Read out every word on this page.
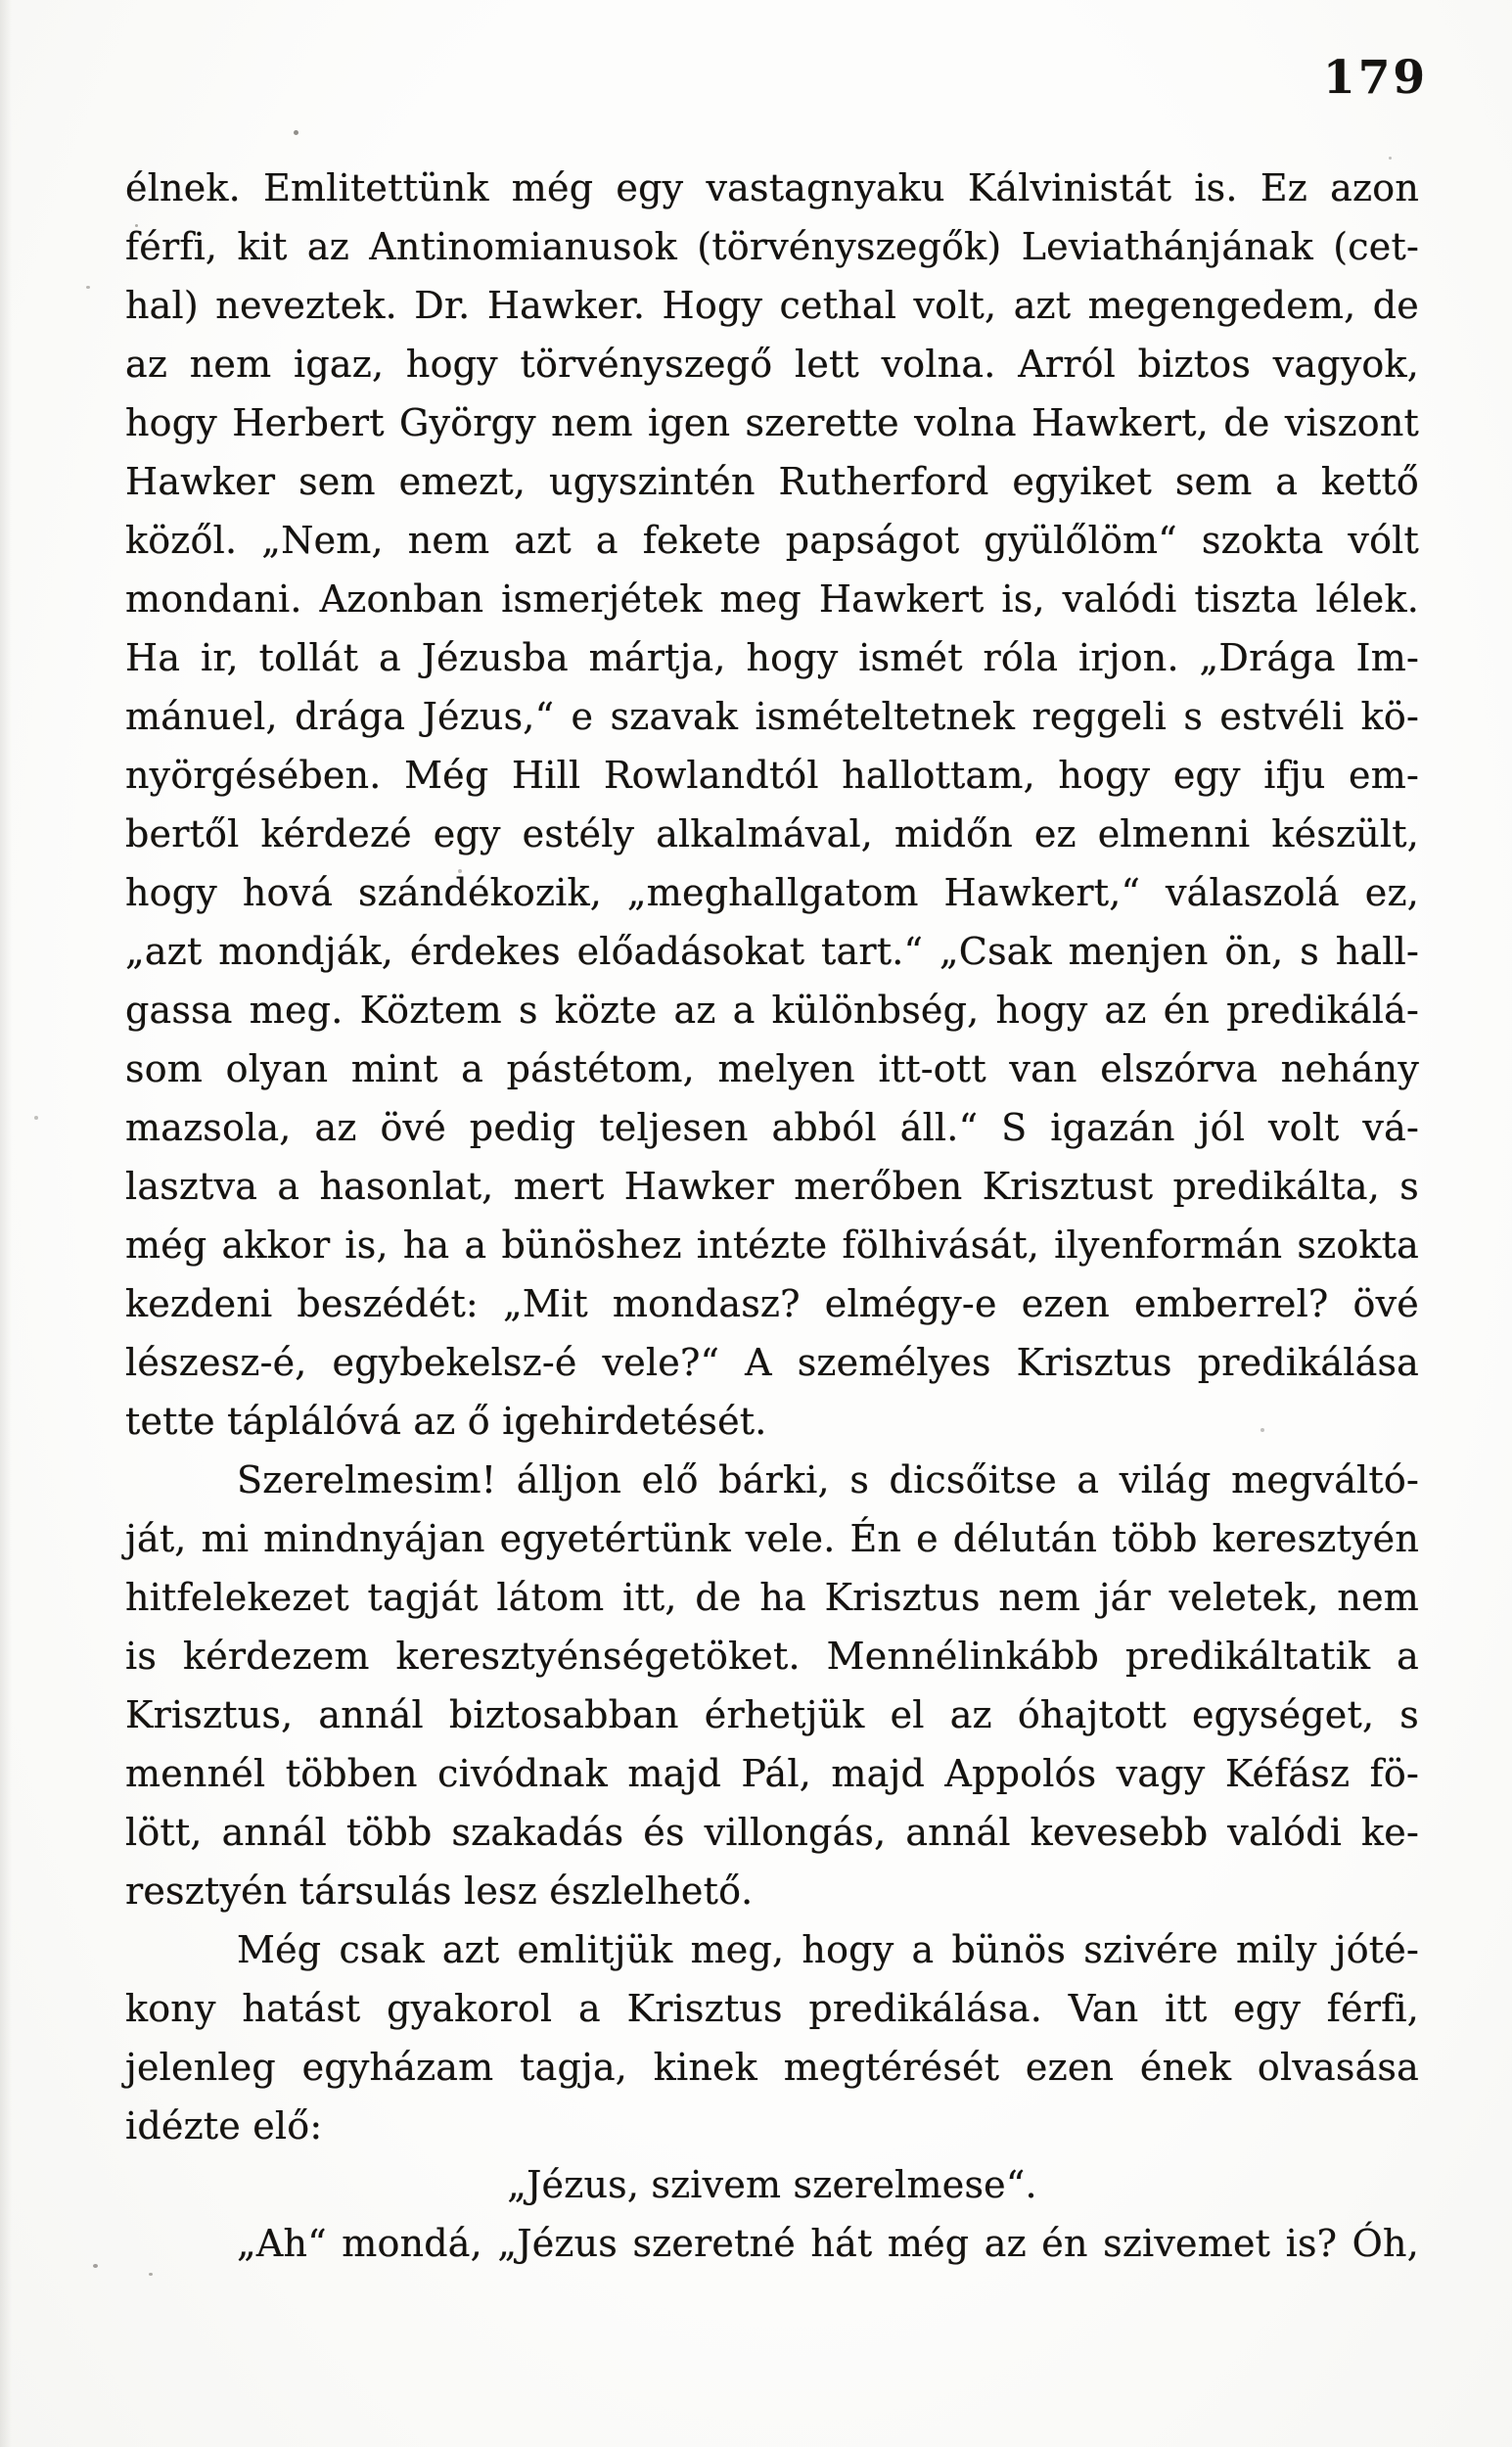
179
élnek. Emlitettünk még egy vastagnyaku Kálvinistát is. Ez azon
férfi, kit az Antinomianusok (törvényszegők) Leviathánjának (cet-
hal) neveztek. Dr. Hawker. Hogy cethal volt, azt megengedem, de
az nem igaz, hogy törvényszegő lett volna. Arról biztos vagyok,
hogy Herbert György nem igen szerette volna Hawkert, de viszont
Hawker sem emezt, ugyszintén Rutherford egyiket sem a kettő
közől. „Nem, nem azt a fekete papságot gyülőlöm“ szokta vólt
mondani. Azonban ismerjétek meg Hawkert is, valódi tiszta lélek.
Ha ir, tollát a Jézusba mártja, hogy ismét róla irjon. „Drága Im-
mánuel, drága Jézus,“ e szavak ismételtetnek reggeli s estvéli kö-
nyörgésében. Még Hill Rowlandtól hallottam, hogy egy ifju em-
bertől kérdezé egy estély alkalmával, midőn ez elmenni készült,
hogy hová szándékozik, „meghallgatom Hawkert,“ válaszolá ez,
„azt mondják, érdekes előadásokat tart.“ „Csak menjen ön, s hall-
gassa meg. Köztem s közte az a különbség, hogy az én predikálá-
som olyan mint a pástétom, melyen itt-ott van elszórva nehány
mazsola, az övé pedig teljesen abból áll.“ S igazán jól volt vá-
lasztva a hasonlat, mert Hawker merőben Krisztust predikálta, s
még akkor is, ha a bünöshez intézte fölhivását, ilyenformán szokta
kezdeni beszédét: „Mit mondasz? elmégy-e ezen emberrel? övé
lészesz-é, egybekelsz-é vele?“ A személyes Krisztus predikálása
tette táplálóvá az ő igehirdetését.
Szerelmesim! álljon elő bárki, s dicsőitse a világ megváltó-
ját, mi mindnyájan egyetértünk vele. Én e délután több keresztyén
hitfelekezet tagját látom itt, de ha Krisztus nem jár veletek, nem
is kérdezem keresztyénségetöket. Mennélinkább predikáltatik a
Krisztus, annál biztosabban érhetjük el az óhajtott egységet, s
mennél többen civódnak majd Pál, majd Appolós vagy Kéfász fö-
lött, annál több szakadás és villongás, annál kevesebb valódi ke-
resztyén társulás lesz észlelhető.
Még csak azt emlitjük meg, hogy a bünös szivére mily jóté-
kony hatást gyakorol a Krisztus predikálása. Van itt egy férfi,
jelenleg egyházam tagja, kinek megtérését ezen ének olvasása
idézte elő:
„Jézus, szivem szerelmese“.
„Ah“ mondá, „Jézus szeretné hát még az én szivemet is? Óh,
